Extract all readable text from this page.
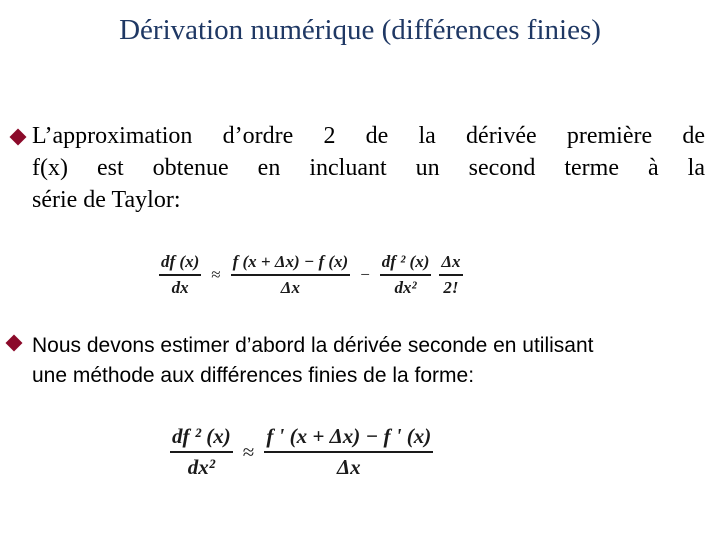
Dérivation numérique (différences finies)
L’approximation d’ordre 2 de la dérivée première de
f(x) est obtenue en incluant un second terme à la
série de Taylor:
$\frac{df (x)}{dx} \approx \frac{f (x + \Delta x) - f (x)}{\Delta x} - \frac{\text{df ² (x)}}{\text{dx²}} \frac{\Delta x}{2!}$
Nous devons estimer d’abord la dérivée seconde en utilisant
une méthode aux différences finies de la forme:
$\frac{\text{df ² (x)}}{\text{dx²}} \approx \frac{f ' (x + \Delta x) - f ' (x)}{\Delta x}$
